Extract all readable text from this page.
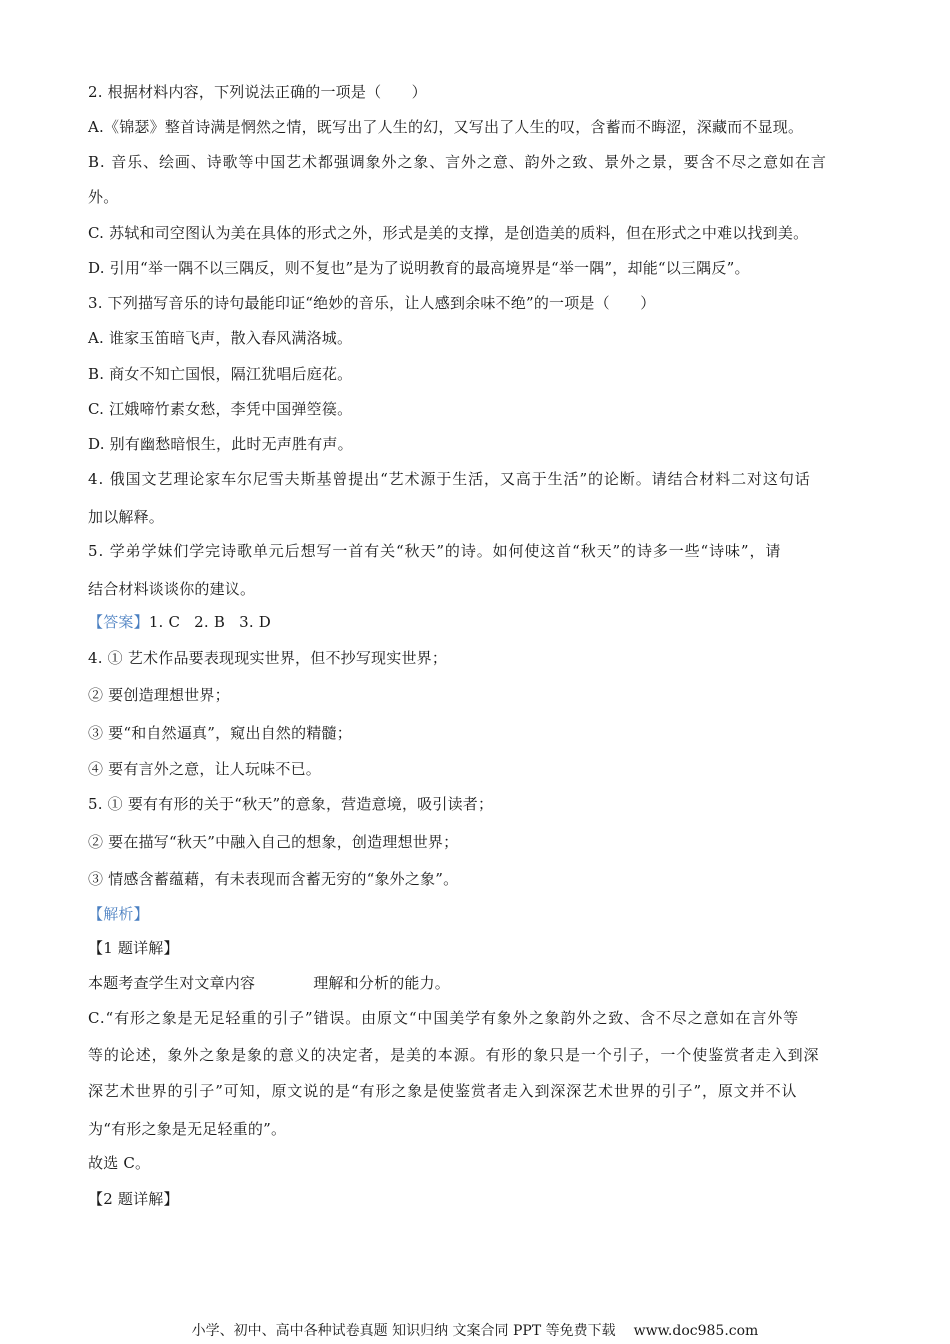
2. 根据材料内容，下列说法正确的一项是（　　）
A.《锦瑟》整首诗满是惘然之情，既写出了人生的幻，又写出了人生的叹，含蓄而不晦涩，深藏而不显现。
B. 音乐、绘画、诗歌等中国艺术都强调象外之象、言外之意、韵外之致、景外之景，要含不尽之意如在言
外。
C. 苏轼和司空图认为美在具体的形式之外，形式是美的支撑，是创造美的质料，但在形式之中难以找到美。
D. 引用“举一隅不以三隅反，则不复也”是为了说明教育的最高境界是“举一隅”，却能“以三隅反”。
3. 下列描写音乐的诗句最能印证“绝妙的音乐，让人感到余味不绝”的一项是（　　）
A. 谁家玉笛暗飞声，散入春风满洛城。
B. 商女不知亡国恨，隔江犹唱后庭花。
C. 江娥啼竹素女愁，李凭中国弹箜篌。
D. 别有幽愁暗恨生，此时无声胜有声。
4. 俄国文艺理论家车尔尼雪夫斯基曾提出“艺术源于生活，又高于生活”的论断。请结合材料二对这句话
加以解释。
5. 学弟学妹们学完诗歌单元后想写一首有关“秋天”的诗。如何使这首“秋天”的诗多一些“诗味”，请
结合材料谈谈你的建议。
【答案】1. C 2. B 3. D
4. ① 艺术作品要表现现实世界，但不抄写现实世界；
② 要创造理想世界；
③ 要“和自然逼真”，窥出自然的精髓；
④ 要有言外之意，让人玩味不已。
5. ① 要有有形的关于“秋天”的意象，营造意境，吸引读者；
② 要在描写“秋天”中融入自己的想象，创造理想世界；
③ 情感含蓄蕴藉，有未表现而含蓄无穷的“象外之象”。
【解析】
【1 题详解】
本题考查学生对文章内容	理解和分析的能力。
C.“有形之象是无足轻重的引子”错误。由原文“中国美学有象外之象韵外之致、含不尽之意如在言外等
等的论述，象外之象是象的意义的决定者，是美的本源。有形的象只是一个引子，一个使鉴赏者走入到深
深艺术世界的引子”可知，原文说的是“有形之象是使鉴赏者走入到深深艺术世界的引子”，原文并不认
为“有形之象是无足轻重的”。
故选 C。
【2 题详解】
小学、初中、高中各种试卷真题 知识归纳 文案合同 PPT 等免费下载 www.doc985.com
